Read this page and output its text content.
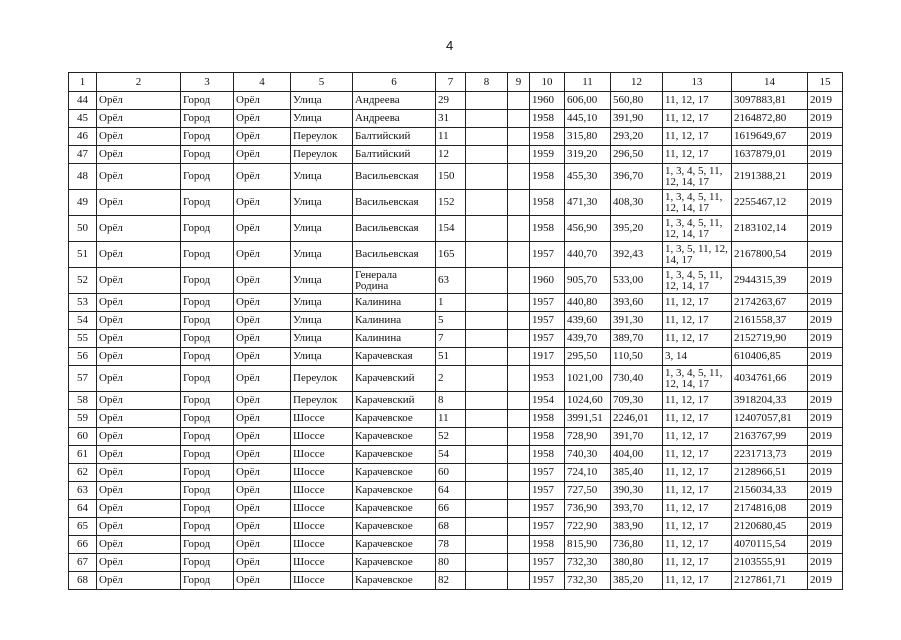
4
1	2	3	4	5	6	7	8	9	10	11	12	13	14	15
44	Орёл	Город	Орёл	Улица	Андреева	29			1960	606,00	560,80	11, 12, 17	3097883,81	2019
45	Орёл	Город	Орёл	Улица	Андреева	31			1958	445,10	391,90	11, 12, 17	2164872,80	2019
46	Орёл	Город	Орёл	Переулок	Балтийский	11			1958	315,80	293,20	11, 12, 17	1619649,67	2019
47	Орёл	Город	Орёл	Переулок	Балтийский	12			1959	319,20	296,50	11, 12, 17	1637879,01	2019
48	Орёл	Город	Орёл	Улица	Васильевская	150			1958	455,30	396,70	1, 3, 4, 5, 11, 12, 14, 17	2191388,21	2019
49	Орёл	Город	Орёл	Улица	Васильевская	152			1958	471,30	408,30	1, 3, 4, 5, 11, 12, 14, 17	2255467,12	2019
50	Орёл	Город	Орёл	Улица	Васильевская	154			1958	456,90	395,20	1, 3, 4, 5, 11, 12, 14, 17	2183102,14	2019
51	Орёл	Город	Орёл	Улица	Васильевская	165			1957	440,70	392,43	1, 3, 5, 11, 12, 14, 17	2167800,54	2019
52	Орёл	Город	Орёл	Улица	Генерала Родина	63			1960	905,70	533,00	1, 3, 4, 5, 11, 12, 14, 17	2944315,39	2019
53	Орёл	Город	Орёл	Улица	Калинина	1			1957	440,80	393,60	11, 12, 17	2174263,67	2019
54	Орёл	Город	Орёл	Улица	Калинина	5			1957	439,60	391,30	11, 12, 17	2161558,37	2019
55	Орёл	Город	Орёл	Улица	Калинина	7			1957	439,70	389,70	11, 12, 17	2152719,90	2019
56	Орёл	Город	Орёл	Улица	Карачевская	51			1917	295,50	110,50	3, 14	610406,85	2019
57	Орёл	Город	Орёл	Переулок	Карачевский	2			1953	1021,00	730,40	1, 3, 4, 5, 11, 12, 14, 17	4034761,66	2019
58	Орёл	Город	Орёл	Переулок	Карачевский	8			1954	1024,60	709,30	11, 12, 17	3918204,33	2019
59	Орёл	Город	Орёл	Шоссе	Карачевское	11			1958	3991,51	2246,01	11, 12, 17	12407057,81	2019
60	Орёл	Город	Орёл	Шоссе	Карачевское	52			1958	728,90	391,70	11, 12, 17	2163767,99	2019
61	Орёл	Город	Орёл	Шоссе	Карачевское	54			1958	740,30	404,00	11, 12, 17	2231713,73	2019
62	Орёл	Город	Орёл	Шоссе	Карачевское	60			1957	724,10	385,40	11, 12, 17	2128966,51	2019
63	Орёл	Город	Орёл	Шоссе	Карачевское	64			1957	727,50	390,30	11, 12, 17	2156034,33	2019
64	Орёл	Город	Орёл	Шоссе	Карачевское	66			1957	736,90	393,70	11, 12, 17	2174816,08	2019
65	Орёл	Город	Орёл	Шоссе	Карачевское	68			1957	722,90	383,90	11, 12, 17	2120680,45	2019
66	Орёл	Город	Орёл	Шоссе	Карачевское	78			1958	815,90	736,80	11, 12, 17	4070115,54	2019
67	Орёл	Город	Орёл	Шоссе	Карачевское	80			1957	732,30	380,80	11, 12, 17	2103555,91	2019
68	Орёл	Город	Орёл	Шоссе	Карачевское	82			1957	732,30	385,20	11, 12, 17	2127861,71	2019
